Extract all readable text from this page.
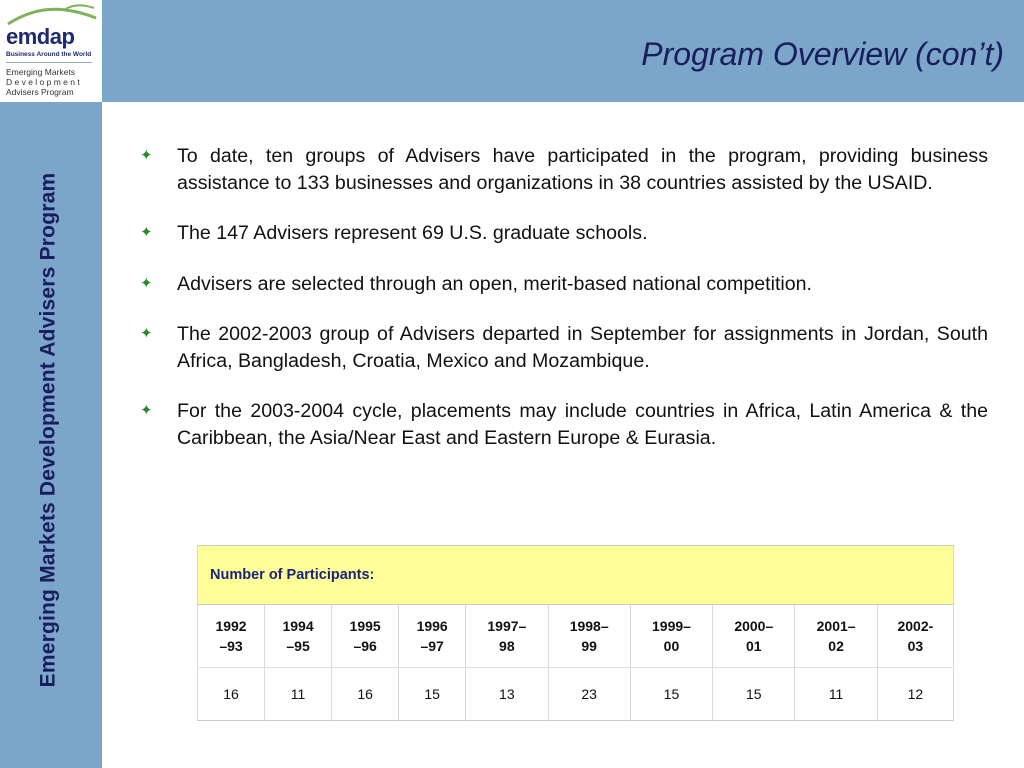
emdap
Business Around the World
Emerging Markets
D e v e l o p m e n t
Advisers Program
Program Overview (con’t)
Emerging Markets Development Advisers Program
✦ To date, ten groups of Advisers have participated in the program, providing business assistance to 133 businesses and organizations in 38 countries assisted by the USAID.
✦ The 147 Advisers represent 69 U.S. graduate schools.
✦ Advisers are selected through an open, merit-based national competition.
✦ The 2002-2003 group of Advisers departed in September for assignments in Jordan, South Africa, Bangladesh, Croatia, Mexico and Mozambique.
✦ For the 2003-2004 cycle, placements may include countries in Africa, Latin America & the Caribbean, the Asia/Near East and Eastern Europe & Eurasia.
Number of Participants:									
1992
–93	1994
–95	1995
–96	1996
–97	1997–
98	1998–
99	1999–
00	2000–
01	2001–
02	2002-
03
16	11	16	15	13	23	15	15	11	12
